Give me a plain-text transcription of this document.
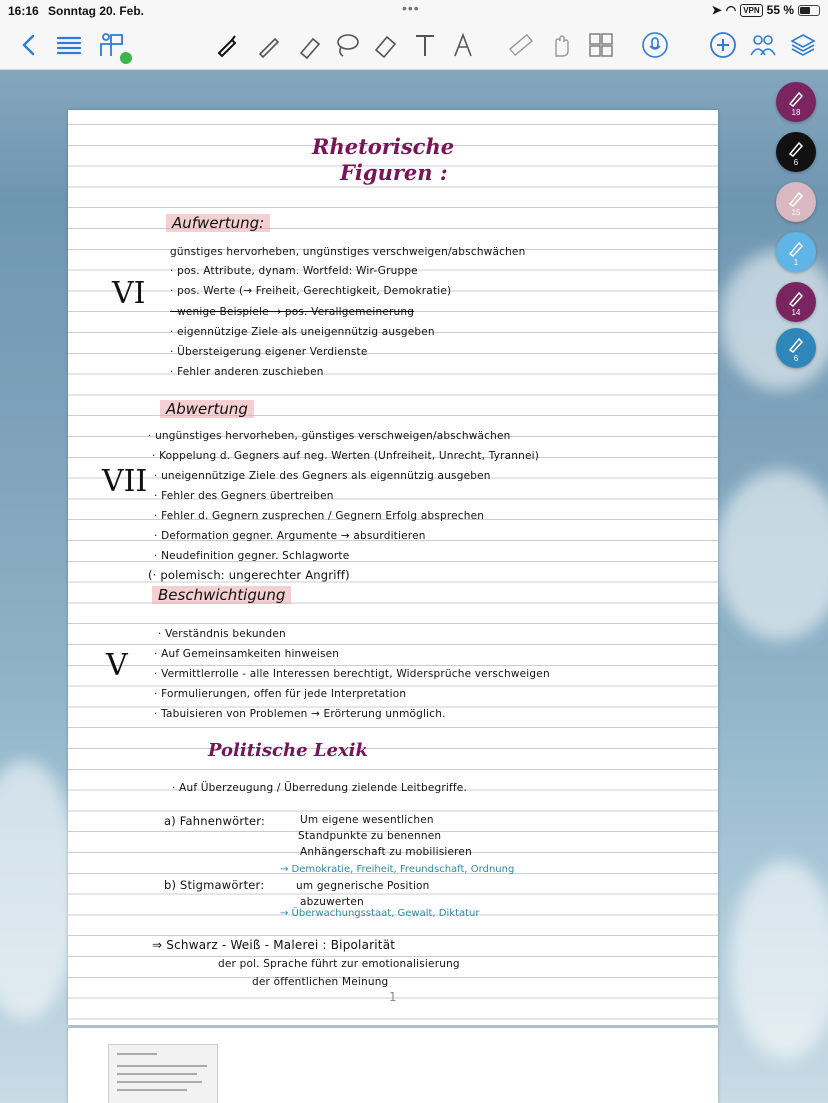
16:16 Sonntag 20. Feb.	•••	➤ ◠ VPN 55 %
18
6
15
1
14
6
Rhetorische
Figuren :
Aufwertung:
VI
günstiges hervorheben, ungünstiges verschweigen/abschwächen
· pos. Attribute, dynam. Wortfeld: Wir-Gruppe
· pos. Werte (→ Freiheit, Gerechtigkeit, Demokratie)
· wenige Beispiele → pos. Verallgemeinerung
· eigennützige Ziele als uneigennützig ausgeben
· Übersteigerung eigener Verdienste
· Fehler anderen zuschieben
Abwertung
VII
· ungünstiges hervorheben, günstiges verschweigen/abschwächen
· Koppelung d. Gegners auf neg. Werten (Unfreiheit, Unrecht, Tyrannei)
· uneigennützige Ziele des Gegners als eigennützig ausgeben
· Fehler des Gegners übertreiben
· Fehler d. Gegnern zusprechen / Gegnern Erfolg absprechen
· Deformation gegner. Argumente → absurditieren
· Neudefinition gegner. Schlagworte
(· polemisch: ungerechter Angriff)
Beschwichtigung
V
· Verständnis bekunden
· Auf Gemeinsamkeiten hinweisen
· Vermittlerrolle - alle Interessen berechtigt, Widersprüche verschweigen
· Formulierungen, offen für jede Interpretation
· Tabuisieren von Problemen → Erörterung unmöglich.
Politische Lexik
· Auf Überzeugung / Überredung zielende Leitbegriffe.
a) Fahnenwörter:	Um eigene wesentlichen
Standpunkte zu benennen
Anhängerschaft zu mobilisieren
→ Demokratie, Freiheit, Freundschaft, Ordnung
b) Stigmawörter:	um gegnerische Position
abzuwerten
→ Überwachungsstaat, Gewalt, Diktatur
⇒ Schwarz - Weiß - Malerei : Bipolarität
der pol. Sprache führt zur emotionalisierung
der öffentlichen Meinung
1
